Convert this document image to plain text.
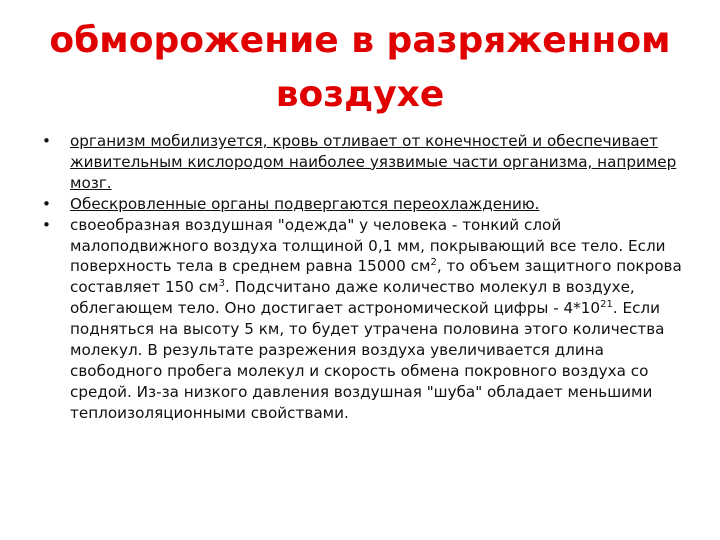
обморожение в разряженном
воздухе
• организм мобилизуется, кровь отливает от конечностей и обеспечивает живительным кислородом наиболее уязвимые части организма, например мозг.
• Обескровленные органы подвергаются переохлаждению.
• своеобразная воздушная "одежда" у человека - тонкий слой малоподвижного воздуха толщиной 0,1 мм, покрывающий все тело. Если поверхность тела в среднем равна 15000 $см^2$, то объем защитного покрова составляет 150 $см^3$. Подсчитано даже количество молекул в воздухе, облегающем тело. Оно достигает астрономической цифры - $4*10^{21}$. Если подняться на высоту 5 км, то будет утрачена половина этого количества молекул. В результате разрежения воздуха увеличивается длина свободного пробега молекул и скорость обмена покровного воздуха со средой. Из-за низкого давления воздушная "шуба" обладает меньшими теплоизоляционными свойствами.
